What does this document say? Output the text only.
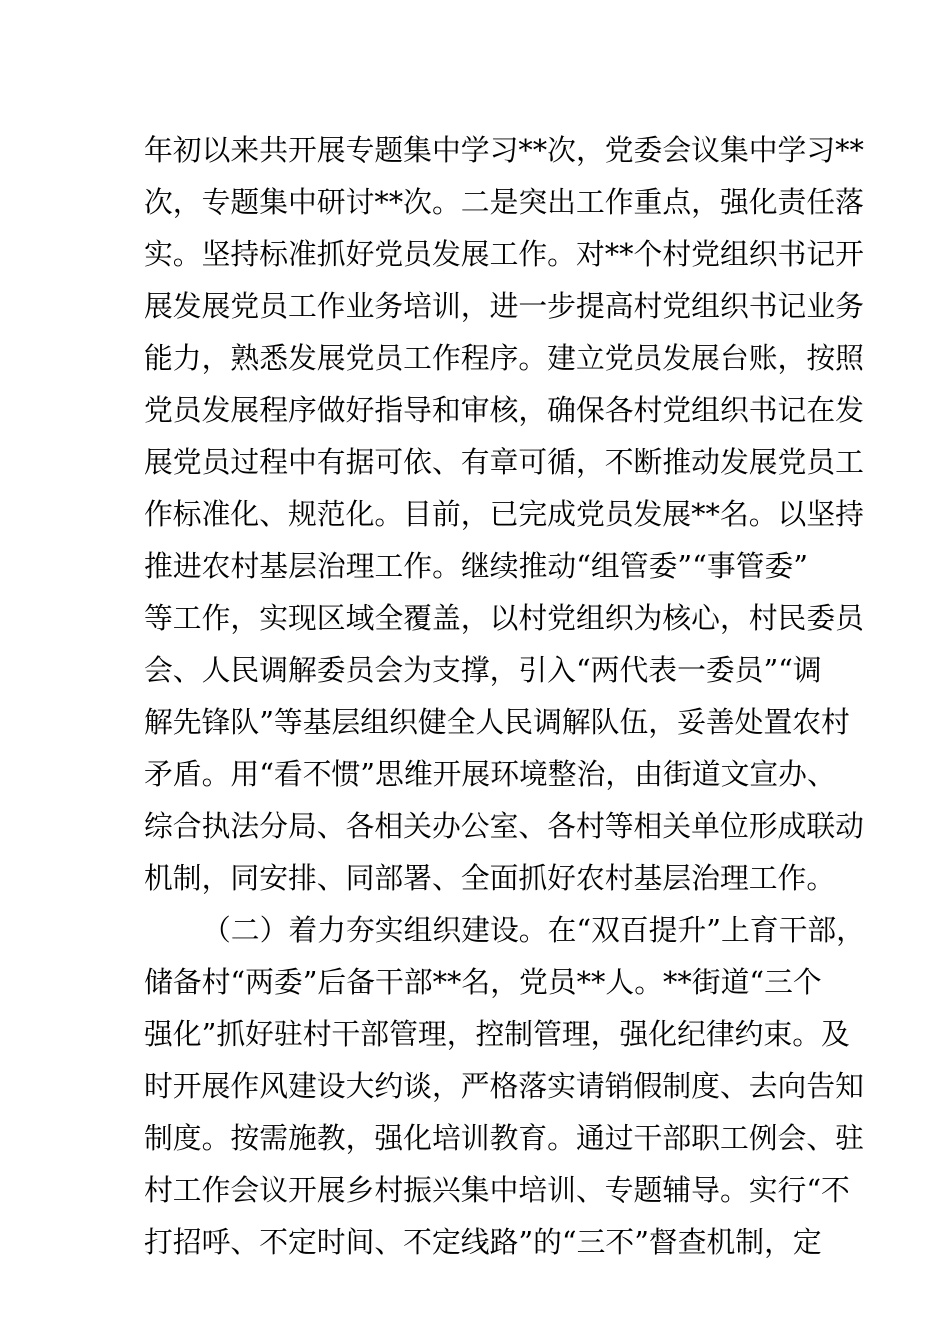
年初以来共开展专题集中学习**次，党委会议集中学习**
次，专题集中研讨**次。二是突出工作重点，强化责任落
实。坚持标准抓好党员发展工作。对**个村党组织书记开
展发展党员工作业务培训，进一步提高村党组织书记业务
能力，熟悉发展党员工作程序。建立党员发展台账，按照
党员发展程序做好指导和审核，确保各村党组织书记在发
展党员过程中有据可依、有章可循，不断推动发展党员工
作标准化、规范化。目前，已完成党员发展**名。以坚持
推进农村基层治理工作。继续推动“组管委”“事管委”
等工作，实现区域全覆盖，以村党组织为核心，村民委员
会、人民调解委员会为支撑，引入“两代表一委员”“调
解先锋队”等基层组织健全人民调解队伍，妥善处置农村
矛盾。用“看不惯”思维开展环境整治，由街道文宣办、
综合执法分局、各相关办公室、各村等相关单位形成联动
机制，同安排、同部署、全面抓好农村基层治理工作。
（二）着力夯实组织建设。在“双百提升”上育干部，
储备村“两委”后备干部**名，党员**人。**街道“三个
强化”抓好驻村干部管理，控制管理，强化纪律约束。及
时开展作风建设大约谈，严格落实请销假制度、去向告知
制度。按需施教，强化培训教育。通过干部职工例会、驻
村工作会议开展乡村振兴集中培训、专题辅导。实行“不
打招呼、不定时间、不定线路”的“三不”督查机制，定
